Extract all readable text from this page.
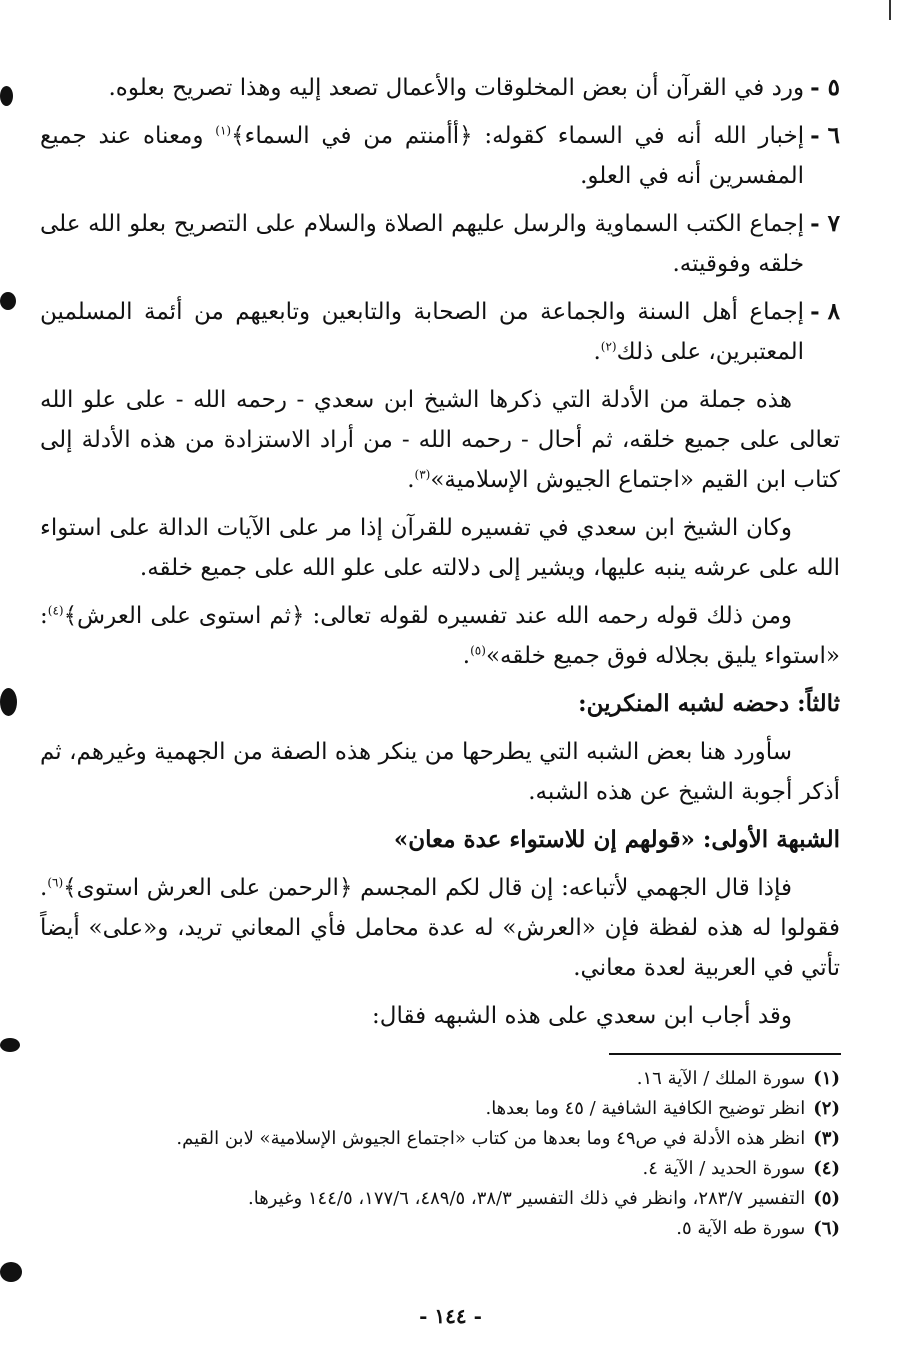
٥ -
ورد في القرآن أن بعض المخلوقات والأعمال تصعد إليه وهذا تصريح بعلوه.
٦ -
إخبار الله أنه في السماء كقوله: ﴿أأمنتم من في السماء﴾$^{(١)}$ ومعناه عند جميع المفسرين أنه في العلو.
٧ -
إجماع الكتب السماوية والرسل عليهم الصلاة والسلام على التصريح بعلو الله على خلقه وفوقيته.
٨ -
إجماع أهل السنة والجماعة من الصحابة والتابعين وتابعيهم من أئمة المسلمين المعتبرين، على ذلك$^{(٢)}$.

هذه جملة من الأدلة التي ذكرها الشيخ ابن سعدي - رحمه الله - على علو الله تعالى على جميع خلقه، ثم أحال - رحمه الله - من أراد الاستزادة من هذه الأدلة إلى كتاب ابن القيم «اجتماع الجيوش الإسلامية»$^{(٣)}$.

وكان الشيخ ابن سعدي في تفسيره للقرآن إذا مر على الآيات الدالة على استواء الله على عرشه ينبه عليها، ويشير إلى دلالته على علو الله على جميع خلقه.

ومن ذلك قوله رحمه الله عند تفسيره لقوله تعالى: ﴿ثم استوى على العرش﴾$^{(٤)}$: «استواء يليق بجلاله فوق جميع خلقه»$^{(٥)}$.

ثالثاً: دحضه لشبه المنكرين:

سأورد هنا بعض الشبه التي يطرحها من ينكر هذه الصفة من الجهمية وغيرهم، ثم أذكر أجوبة الشيخ عن هذه الشبه.

الشبهة الأولى: «قولهم إن للاستواء عدة معان»

فإذا قال الجهمي لأتباعه: إن قال لكم المجسم ﴿الرحمن على العرش استوى﴾$^{(٦)}$. فقولوا له هذه لفظة فإن «العرش» له عدة محامل فأي المعاني تريد، و«على» أيضاً تأتي في العربية لعدة معاني.

وقد أجاب ابن سعدي على هذه الشبهه فقال:

(١)سورة الملك / الآية ١٦.

(٢)انظر توضيح الكافية الشافية / ٤٥ وما بعدها.

(٣)انظر هذه الأدلة في ص٤٩ وما بعدها من كتاب «اجتماع الجيوش الإسلامية» لابن القيم.

(٤)سورة الحديد / الآية ٤.

(٥)التفسير ٢٨٣/٧، وانظر في ذلك التفسير ٣٨/٣، ٤٨٩/٥، ١٧٧/٦، ١٤٤/٥ وغيرها.

(٦)سورة طه الآية ٥.

- ١٤٤ -
